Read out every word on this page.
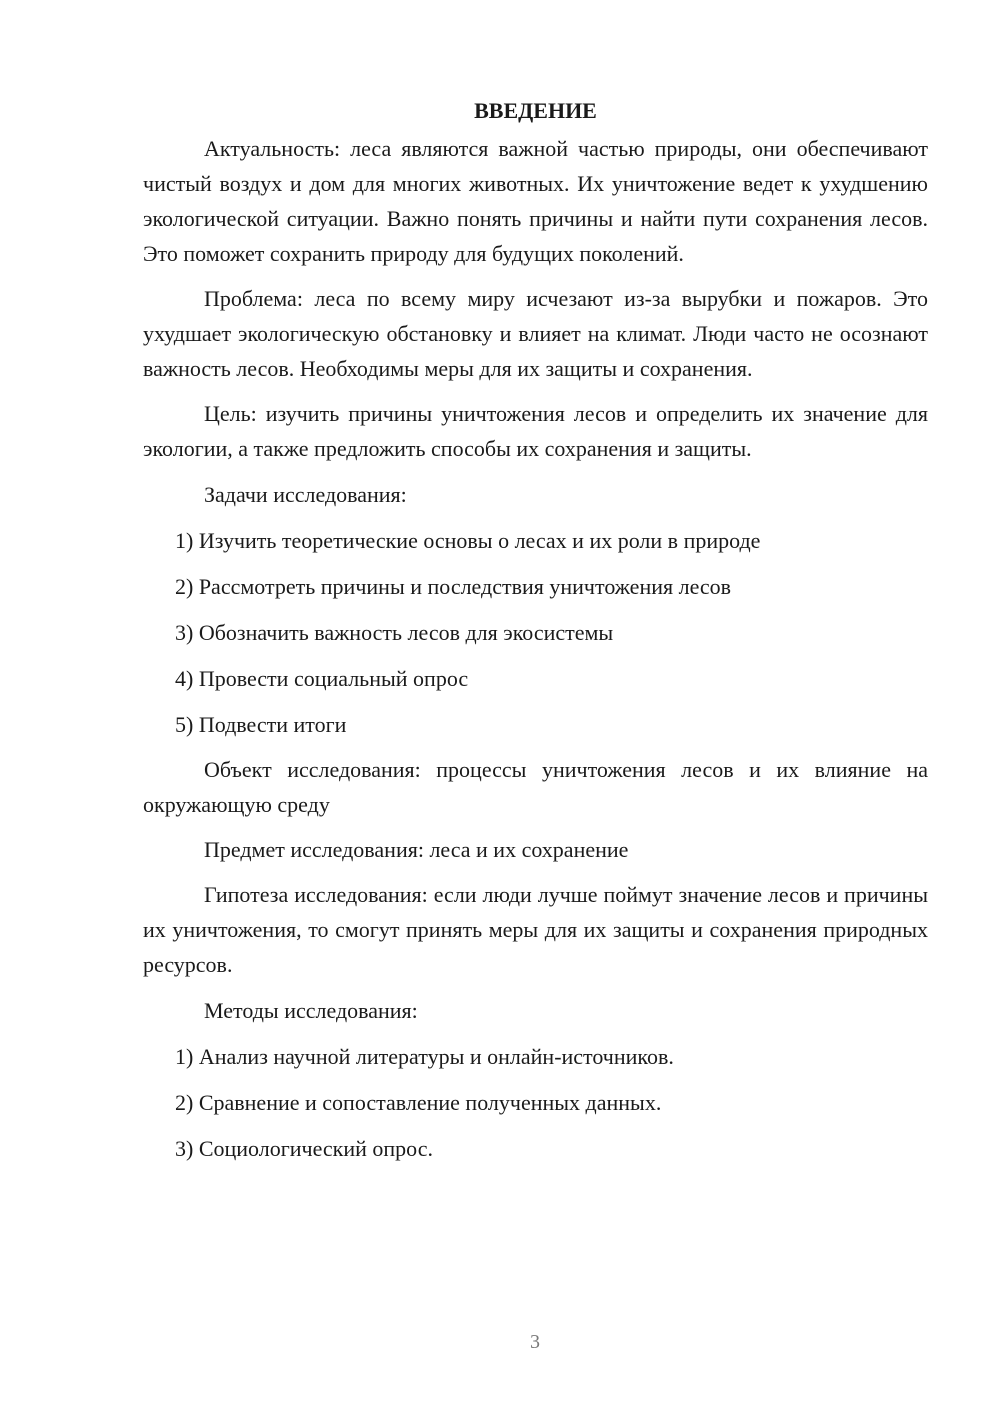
ВВЕДЕНИЕ

Актуальность: леса являются важной частью природы, они обеспечивают чистый воздух и дом для многих животных. Их уничтожение ведет к ухудшению экологической ситуации. Важно понять причины и найти пути сохранения лесов. Это поможет сохранить природу для будущих поколений.

Проблема: леса по всему миру исчезают из-за вырубки и пожаров. Это ухудшает экологическую обстановку и влияет на климат. Люди часто не осознают важность лесов. Необходимы меры для их защиты и сохранения.

Цель: изучить причины уничтожения лесов и определить их значение для экологии, а также предложить способы их сохранения и защиты.

Задачи исследования:

1) Изучить теоретические основы о лесах и их роли в природе
2) Рассмотреть причины и последствия уничтожения лесов
3) Обозначить важность лесов для экосистемы
4) Провести социальный опрос
5) Подвести итоги

Объект исследования: процессы уничтожения лесов и их влияние на окружающую среду

Предмет исследования: леса и их сохранение

Гипотеза исследования: если люди лучше поймут значение лесов и причины их уничтожения, то смогут принять меры для их защиты и сохранения природных ресурсов.

Методы исследования:

1) Анализ научной литературы и онлайн-источников.
2) Сравнение и сопоставление полученных данных.
3) Социологический опрос.
3
